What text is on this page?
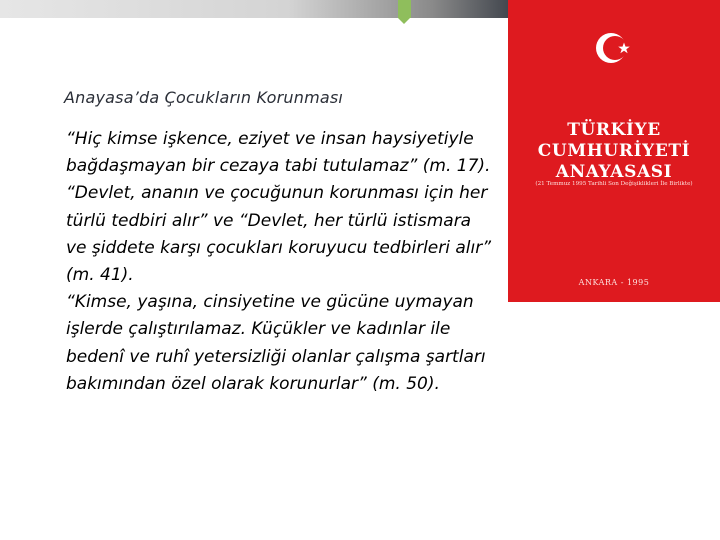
Anayasa’da Çocukların Korunması

“Hiç kimse işkence, eziyet ve insan haysiyetiyle bağdaşmayan bir cezaya tabi tutulamaz” (m. 17).

“Devlet, ananın ve çocuğunun korunması için her türlü tedbiri alır” ve “Devlet, her türlü istismara ve şiddete karşı çocukları koruyucu tedbirleri alır” (m. 41).

“Kimse, yaşına, cinsiyetine ve gücüne uymayan işlerde çalıştırılamaz. Küçükler ve kadınlar ile bedenî ve ruhî yetersizliği olanlar çalışma şartları bakımından özel olarak korunurlar” (m. 50).

TÜRKİYE
CUMHURİYETİ
ANAYASASI
(21 Temmuz 1995 Tarihli Son Değişiklikleri İle Birlikte)
ANKARA - 1995
